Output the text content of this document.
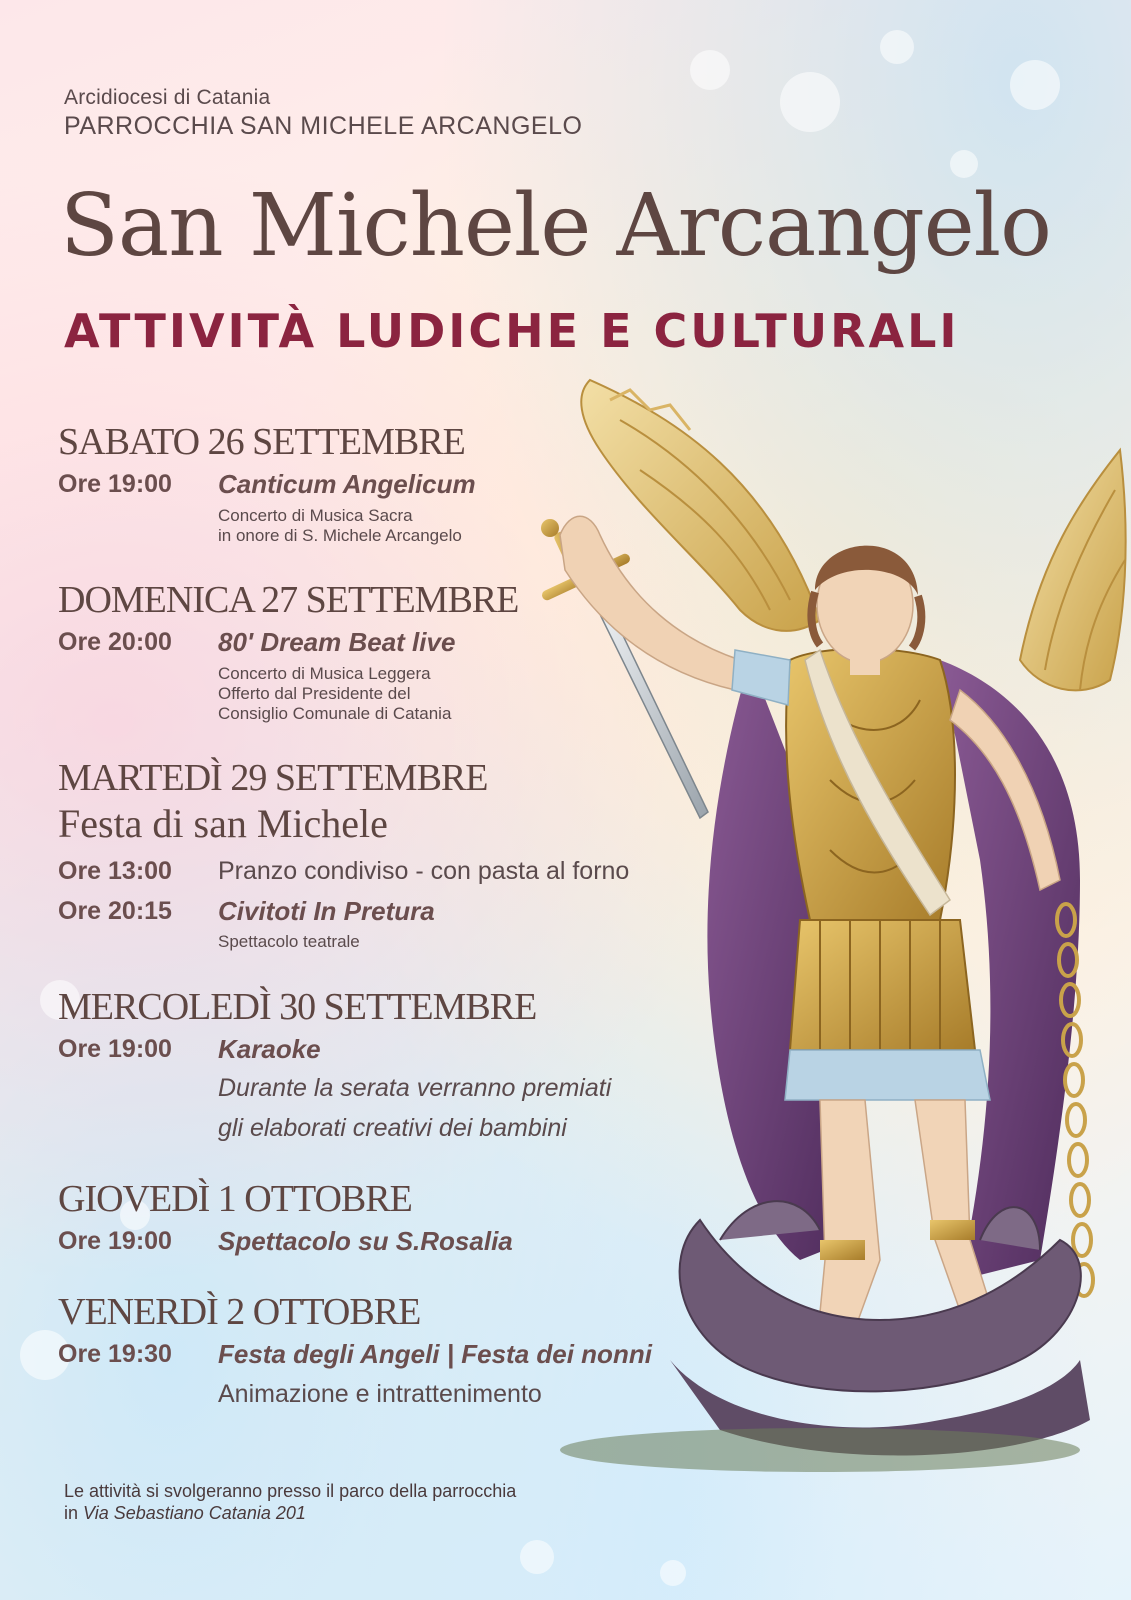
Arcidiocesi di Catania
PARROCCHIA SAN MICHELE ARCANGELO
San Michele Arcangelo
ATTIVITÀ LUDICHE E CULTURALI
SABATO 26 SETTEMBRE
Ore 19:00 Canticum Angelicum
Concerto di Musica Sacra
in onore di S. Michele Arcangelo
DOMENICA 27 SETTEMBRE
Ore 20:00 80' Dream Beat live
Concerto di Musica Leggera
Offerto dal Presidente del
Consiglio Comunale di Catania
MARTEDÌ 29 SETTEMBRE
Festa di san Michele
Ore 13:00 Pranzo condiviso - con pasta al forno
Ore 20:15 Civitoti In Pretura
Spettacolo teatrale
MERCOLEDÌ 30 SETTEMBRE
Ore 19:00 Karaoke
Durante la serata verranno premiati
gli elaborati creativi dei bambini
GIOVEDÌ 1 OTTOBRE
Ore 19:00 Spettacolo su S.Rosalia
VENERDÌ 2 OTTOBRE
Ore 19:30 Festa degli Angeli | Festa dei nonni
Animazione e intrattenimento
Le attività si svolgeranno presso il parco della parrocchia
in Via Sebastiano Catania 201
